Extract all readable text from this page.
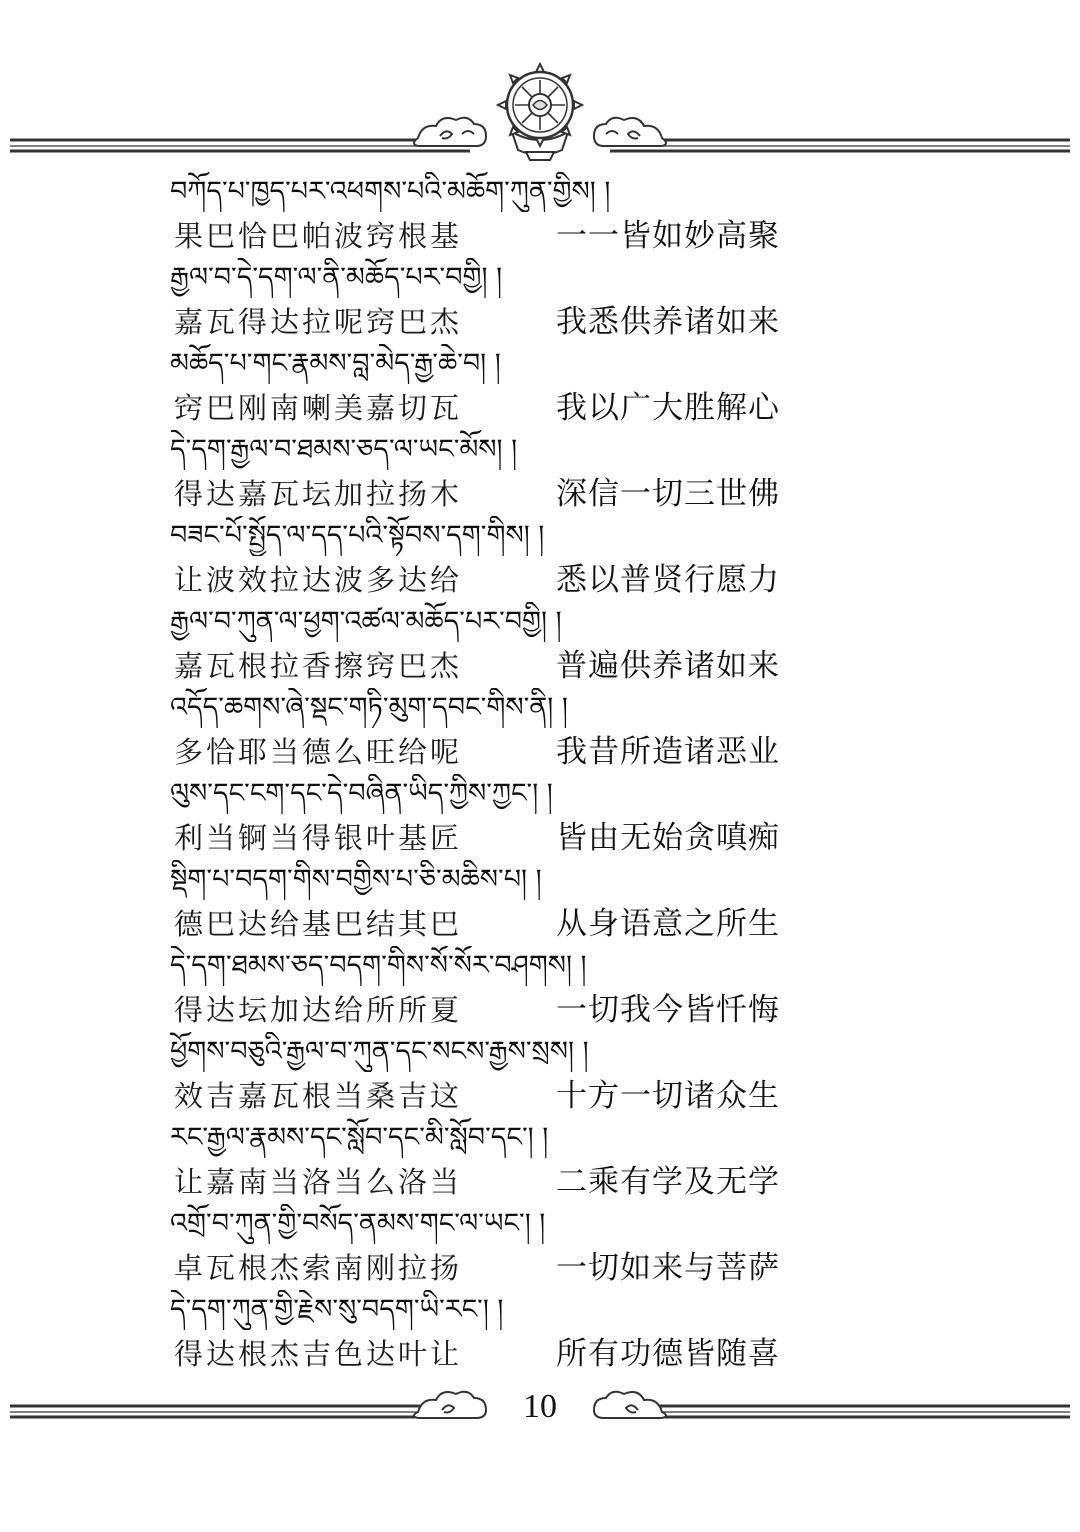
བཀོད་པ་ཁྱད་པར་འཕགས་པའི་མཆོག་ཀུན་གྱིས། །
果巴恰巴帕波窍根基	一一皆如妙高聚
རྒྱལ་བ་དེ་དག་ལ་ནི་མཆོད་པར་བགྱི། །
嘉瓦得达拉呢窍巴杰	我悉供养诸如来
མཆོད་པ་གང་རྣམས་བླ་མེད་རྒྱ་ཆེ་བ། །
窍巴刚南喇美嘉切瓦	我以广大胜解心
དེ་དག་རྒྱལ་བ་ཐམས་ཅད་ལ་ཡང་མོས། །
得达嘉瓦坛加拉扬木	深信一切三世佛
བཟང་པོ་སྤྱོད་ལ་དད་པའི་སྟོབས་དག་གིས། །
让波效拉达波多达给	悉以普贤行愿力
རྒྱལ་བ་ཀུན་ལ་ཕྱག་འཚལ་མཆོད་པར་བགྱི། །
嘉瓦根拉香擦窍巴杰	普遍供养诸如来
འདོད་ཆགས་ཞེ་སྡང་གཏི་མུག་དབང་གིས་ནི། །
多恰耶当德么旺给呢	我昔所造诸恶业
ལུས་དང་ངག་དང་དེ་བཞིན་ཡིད་ཀྱིས་ཀྱང་། །
利当锕当得银叶基匠	皆由无始贪嗔痴
སྡིག་པ་བདག་གིས་བགྱིས་པ་ཅི་མཆིས་པ། །
德巴达给基巴结其巴	从身语意之所生
དེ་དག་ཐམས་ཅད་བདག་གིས་སོ་སོར་བཤགས། །
得达坛加达给所所夏	一切我今皆忏悔
ཕྱོགས་བཅུའི་རྒྱལ་བ་ཀུན་དང་སངས་རྒྱས་སྲས། །
效吉嘉瓦根当桑吉这	十方一切诸众生
རང་རྒྱལ་རྣམས་དང་སློབ་དང་མི་སློབ་དང་། །
让嘉南当洛当么洛当	二乘有学及无学
འགྲོ་བ་ཀུན་གྱི་བསོད་ནམས་གང་ལ་ཡང་། །
卓瓦根杰索南刚拉扬	一切如来与菩萨
དེ་དག་ཀུན་གྱི་རྗེས་སུ་བདག་ཡི་རང་། །
得达根杰吉色达叶让	所有功德皆随喜
10
